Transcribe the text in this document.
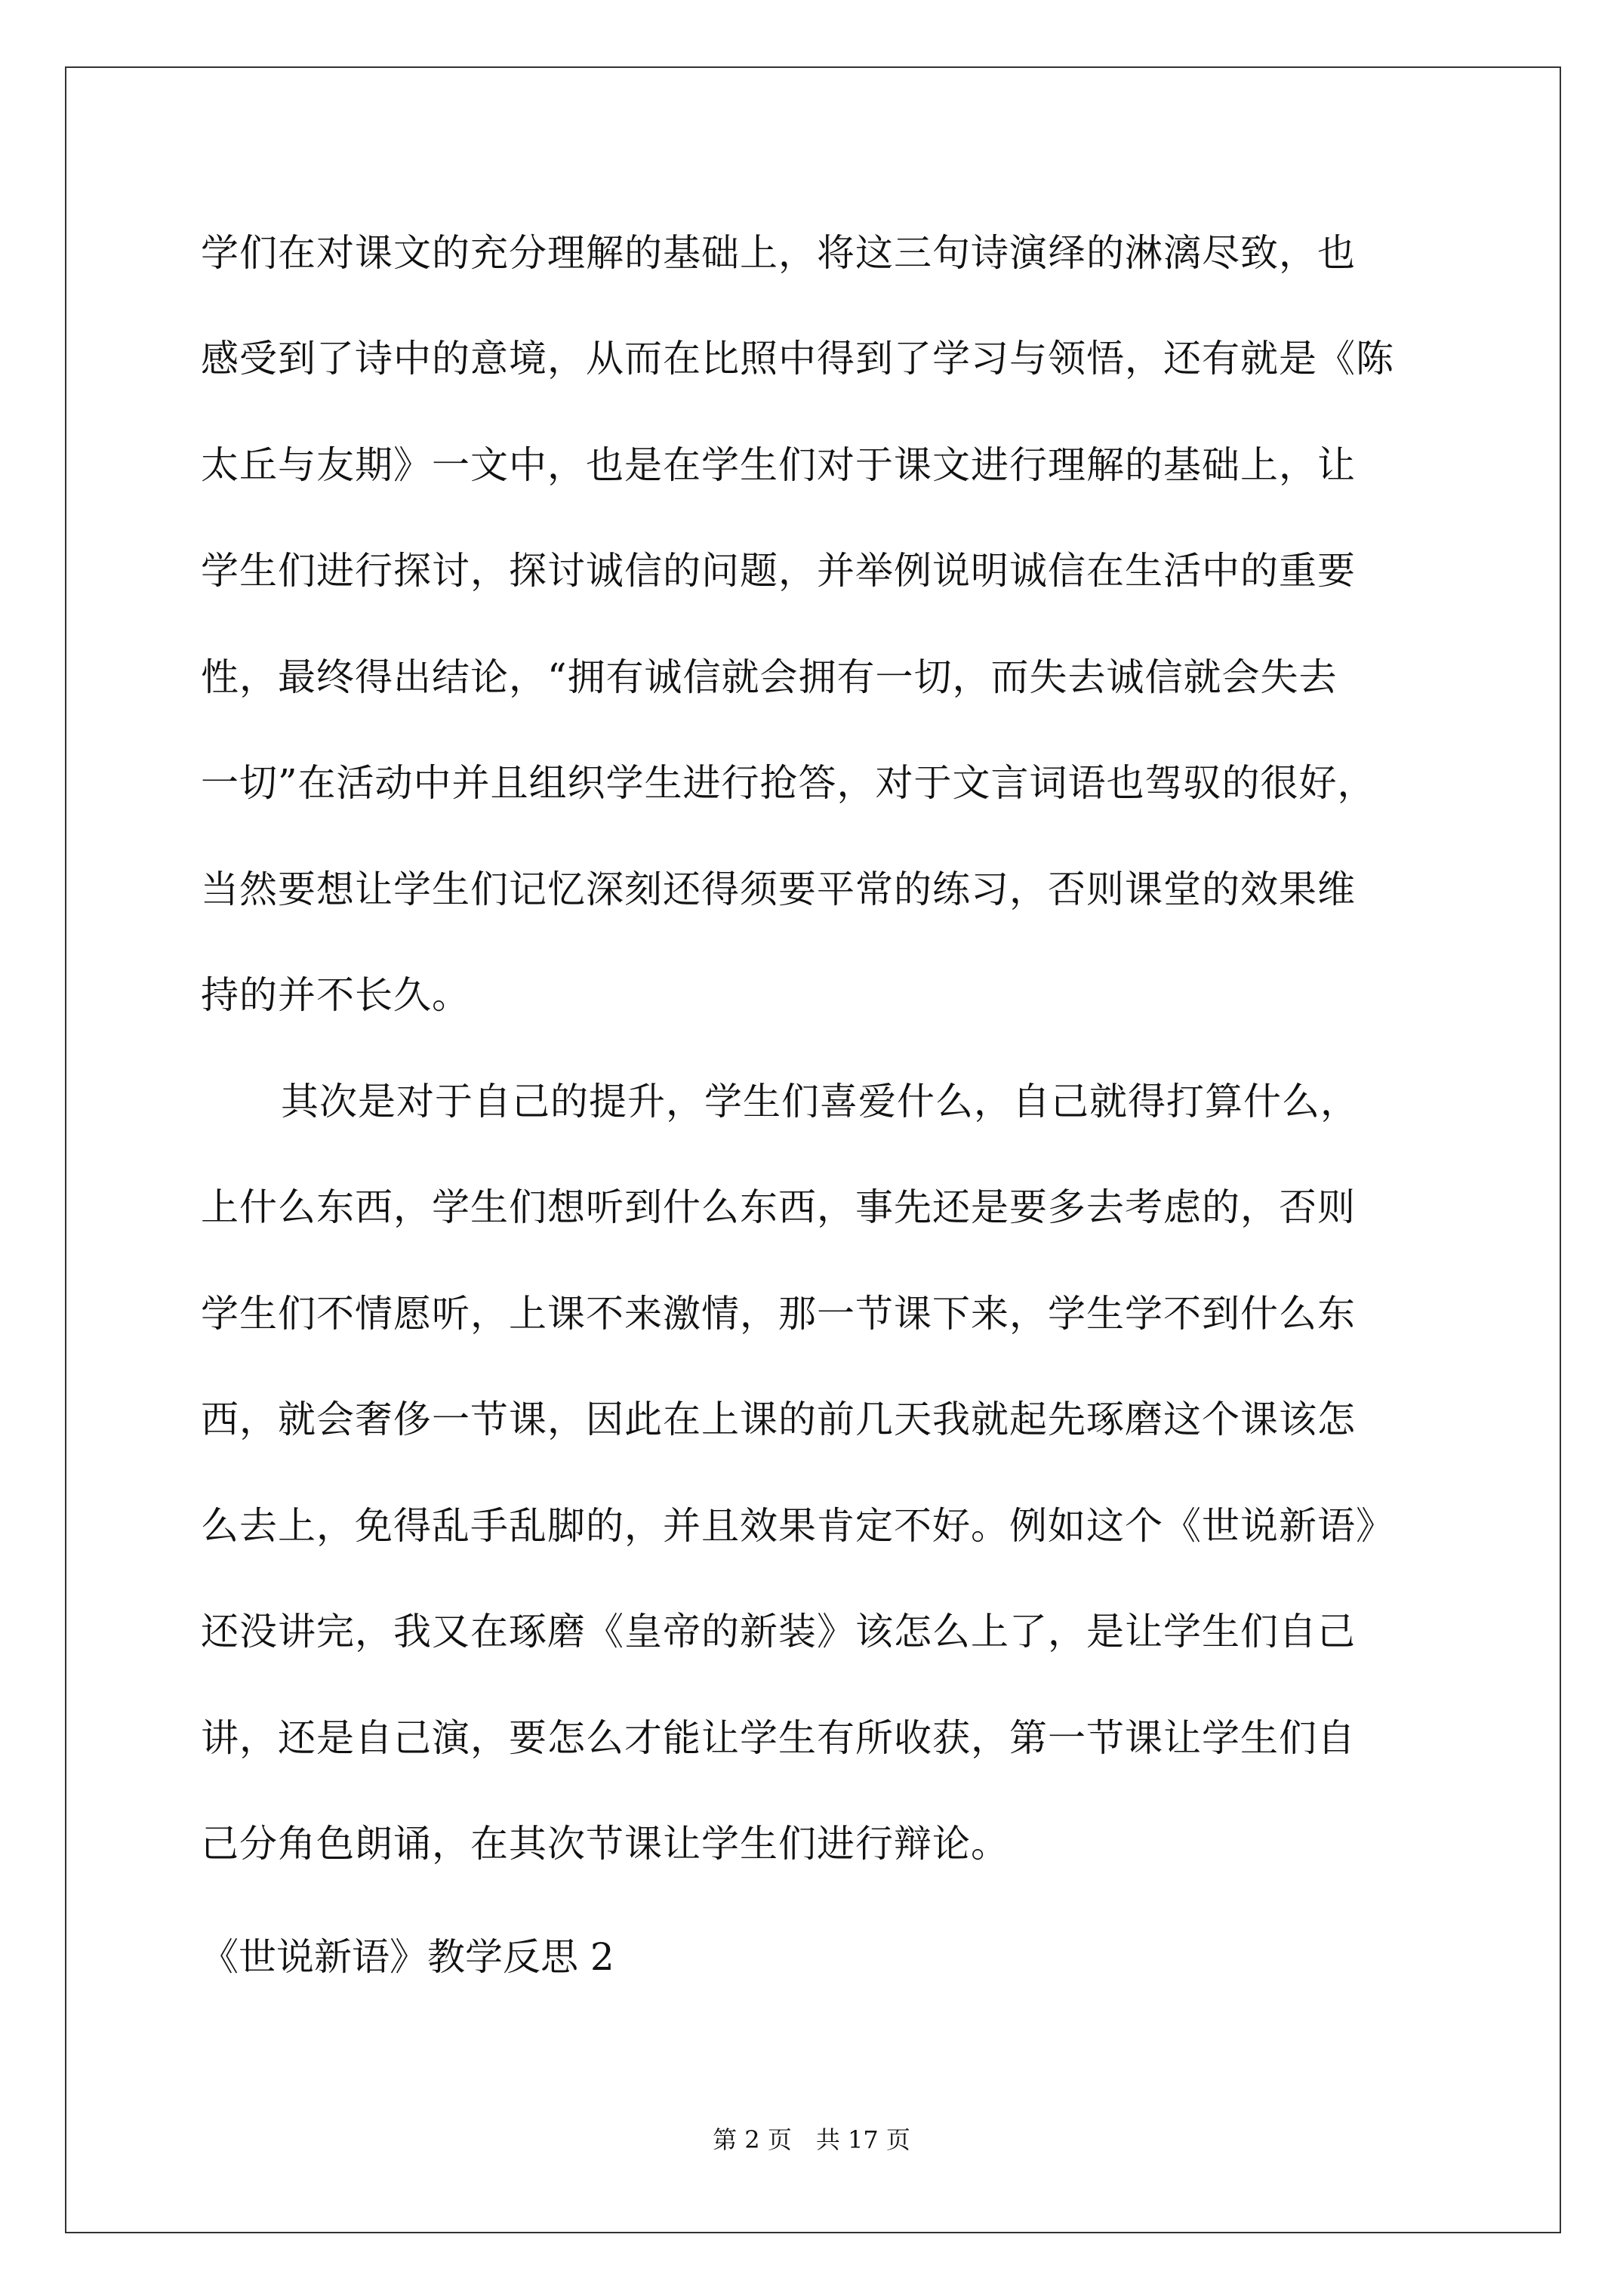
学们在对课文的充分理解的基础上，将这三句诗演绎的淋漓尽致，也
感受到了诗中的意境，从而在比照中得到了学习与领悟，还有就是《陈
太丘与友期》一文中，也是在学生们对于课文进行理解的基础上，让
学生们进行探讨，探讨诚信的问题，并举例说明诚信在生活中的重要
性，最终得出结论，“拥有诚信就会拥有一切，而失去诚信就会失去
一切”在活动中并且组织学生进行抢答，对于文言词语也驾驭的很好，
当然要想让学生们记忆深刻还得须要平常的练习，否则课堂的效果维
持的并不长久。
其次是对于自己的提升，学生们喜爱什么，自己就得打算什么，
上什么东西，学生们想听到什么东西，事先还是要多去考虑的，否则
学生们不情愿听，上课不来激情，那一节课下来，学生学不到什么东
西，就会奢侈一节课，因此在上课的前几天我就起先琢磨这个课该怎
么去上，免得乱手乱脚的，并且效果肯定不好。例如这个《世说新语》
还没讲完，我又在琢磨《皇帝的新装》该怎么上了，是让学生们自己
讲，还是自己演，要怎么才能让学生有所收获，第一节课让学生们自
己分角色朗诵，在其次节课让学生们进行辩论。
《世说新语》教学反思 2
第 2 页　共 17 页
